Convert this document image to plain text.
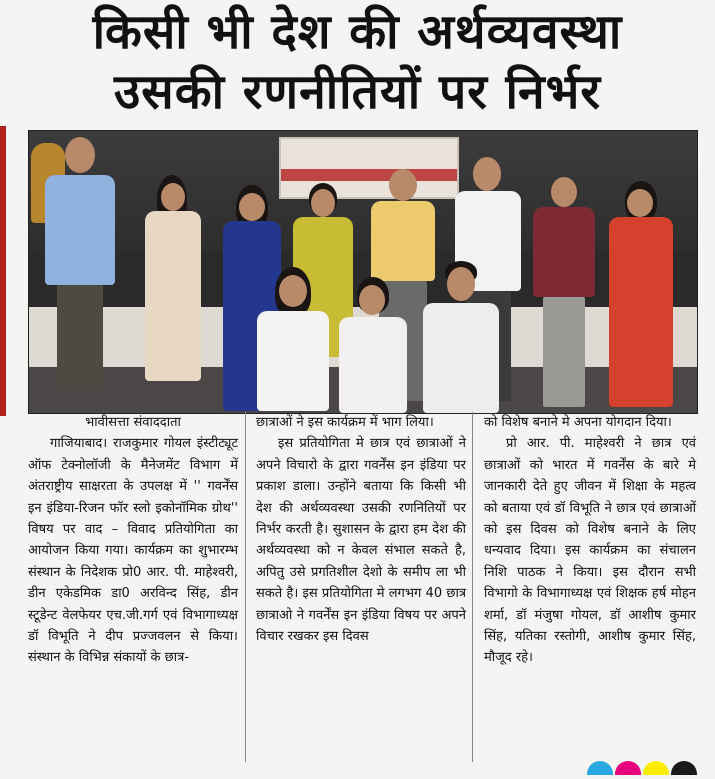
किसी भी देश की अर्थव्यवस्था
उसकी रणनीतियों पर निर्भर

भावीसत्ता संवाददाता

गाजियाबाद। राजकुमार गोयल इंस्टीट्यूट ऑफ टेक्नोलॉजी के मैनेजमेंट विभाग में अंतराष्ट्रीय साक्षरता के उपलक्ष में '' गवर्नेंस इन इंडिया-रिजन फॉर स्लो इकोनॉमिक ग्रोथ'' विषय पर वाद – विवाद प्रतियोगिता का आयोजन किया गया। कार्यक्रम का शुभारम्भ संस्थान के निदेशक प्रो0 आर. पी. माहेश्वरी, डीन एकेडमिक डा0 अरविन्द सिंह, डीन स्टूडेन्ट वेलफेयर एच.जी.गर्ग एवं विभागाध्यक्ष डॉ विभूति ने दीप प्रज्जवलन से किया। संस्थान के विभिन्न संकायों के छात्र-

छात्राओं ने इस कार्यक्रम में भाग लिया।

इस प्रतियोगिता मे छात्र एवं छात्राओं ने अपने विचारो के द्वारा गवर्नेंस इन इंडिया पर प्रकाश डाला। उन्होंने बताया कि किसी भी देश की अर्थव्यवस्था उसकी रणनितियों पर निर्भर करती है। सुशासन के द्वारा हम देश की अर्थव्यवस्था को न केवल संभाल सकते है, अपितु उसे प्रगतिशील देशो के समीप ला भी सकते है। इस प्रतियोगिता मे लगभग 40 छात्र छात्राओ ने गवर्नेंस इन इंडिया विषय पर अपने विचार रखकर इस दिवस

को विशेष बनाने मे अपना योगदान दिया।

प्रो आर. पी. माहेश्वरी ने छात्र एवं छात्राओं को भारत में गवर्नेंस के बारे मे जानकारी देते हुए जीवन में शिक्षा के महत्व को बताया एवं डॉ विभूति ने छात्र एवं छात्राओं को इस दिवस को विशेष बनाने के लिए धन्यवाद दिया। इस कार्यक्रम का संचालन निशि पाठक ने किया। इस दौरान सभी विभागो के विभागाध्यक्ष एवं शिक्षक हर्ष मोहन शर्मा, डॉ मंजुषा गोयल, डॉ आशीष कुमार सिंह, यतिका रस्तोगी, आशीष कुमार सिंह, मौजूद रहे।
